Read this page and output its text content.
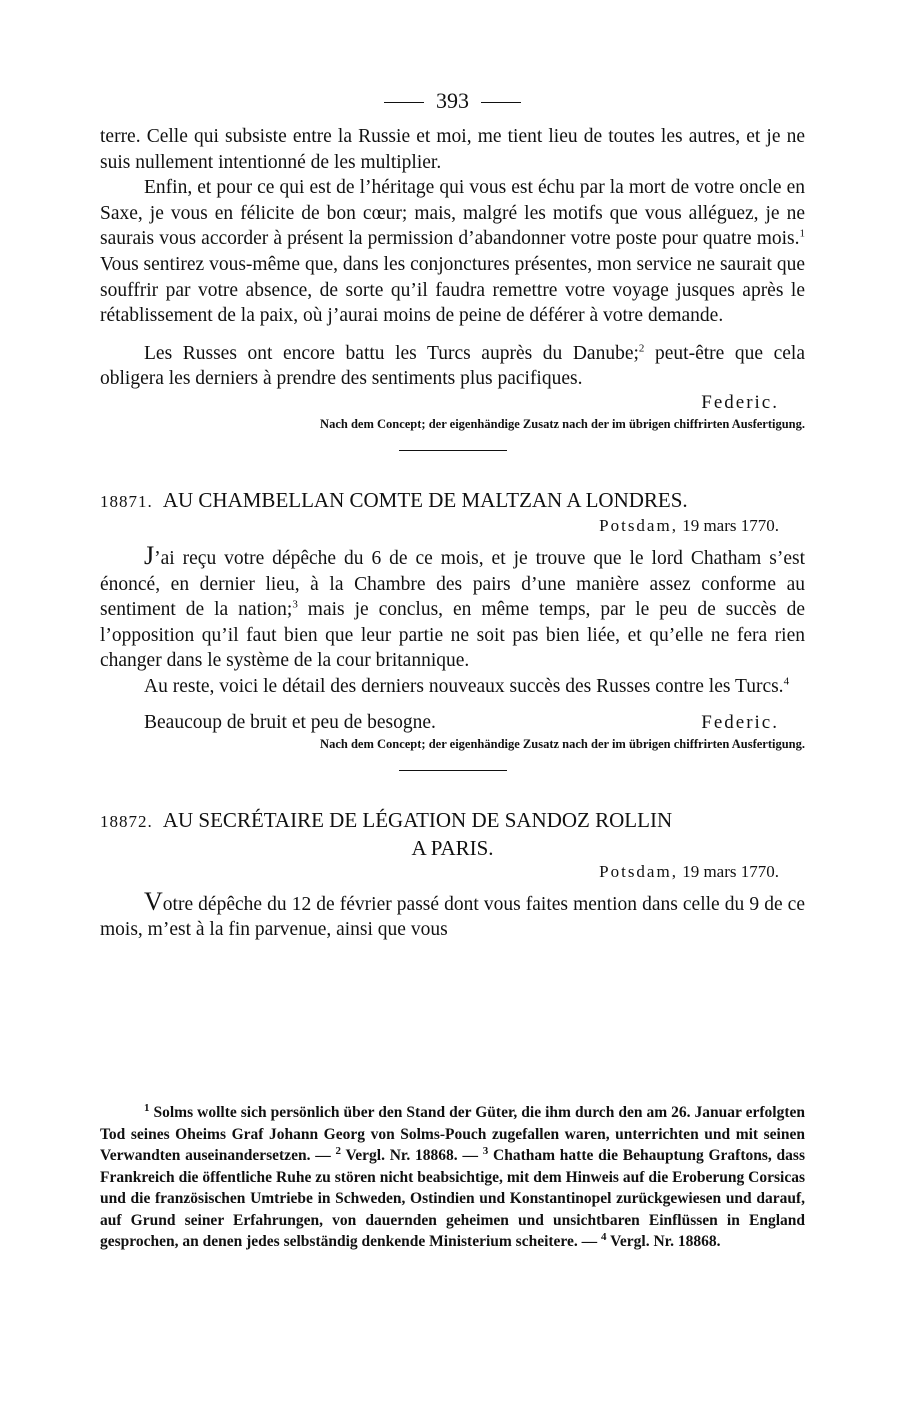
393

terre. Celle qui subsiste entre la Russie et moi, me tient lieu de toutes les autres, et je ne suis nullement intentionné de les multiplier.

Enfin, et pour ce qui est de l’héritage qui vous est échu par la mort de votre oncle en Saxe, je vous en félicite de bon cœur; mais, malgré les motifs que vous alléguez, je ne saurais vous accorder à présent la permission d’abandonner votre poste pour quatre mois.$^1$ Vous sentirez vous-même que, dans les conjonctures présentes, mon service ne saurait que souffrir par votre absence, de sorte qu’il faudra remettre votre voyage jusques après le rétablissement de la paix, où j’aurai moins de peine de déférer à votre demande.

Les Russes ont encore battu les Turcs auprès du Danube;$^2$ peut-être que cela obligera les derniers à prendre des sentiments plus pacifiques.

Federic.
Nach dem Concept; der eigenhändige Zusatz nach der im übrigen chiffrirten Ausfertigung.
18871. AU CHAMBELLAN COMTE DE MALTZAN A LONDRES.
Potsdam, 19 mars 1770.

J’ai reçu votre dépêche du 6 de ce mois, et je trouve que le lord Chatham s’est énoncé, en dernier lieu, à la Chambre des pairs d’une manière assez conforme au sentiment de la nation;$^3$ mais je conclus, en même temps, par le peu de succès de l’opposition qu’il faut bien que leur partie ne soit pas bien liée, et qu’elle ne fera rien changer dans le système de la cour britannique.

Au reste, voici le détail des derniers nouveaux succès des Russes contre les Turcs.$^4$

Beaucoup de bruit et peu de besogne.	Federic.
Nach dem Concept; der eigenhändige Zusatz nach der im übrigen chiffrirten Ausfertigung.
18872. AU SECRÉTAIRE DE LÉGATION DE SANDOZ ROLLIN
A PARIS.
Potsdam, 19 mars 1770.

Votre dépêche du 12 de février passé dont vous faites mention dans celle du 9 de ce mois, m’est à la fin parvenue, ainsi que vous

$^1$ Solms wollte sich persönlich über den Stand der Güter, die ihm durch den am 26. Januar erfolgten Tod seines Oheims Graf Johann Georg von Solms-Pouch zugefallen waren, unterrichten und mit seinen Verwandten auseinandersetzen. — $^2$ Vergl. Nr. 18868. — $^3$ Chatham hatte die Behauptung Graftons, dass Frankreich die öffentliche Ruhe zu stören nicht beabsichtige, mit dem Hinweis auf die Eroberung Corsicas und die französischen Umtriebe in Schweden, Ostindien und Konstantinopel zurückgewiesen und darauf, auf Grund seiner Erfahrungen, von dauernden geheimen und unsichtbaren Einflüssen in England gesprochen, an denen jedes selbständig denkende Ministerium scheitere. — $^4$ Vergl. Nr. 18868.
